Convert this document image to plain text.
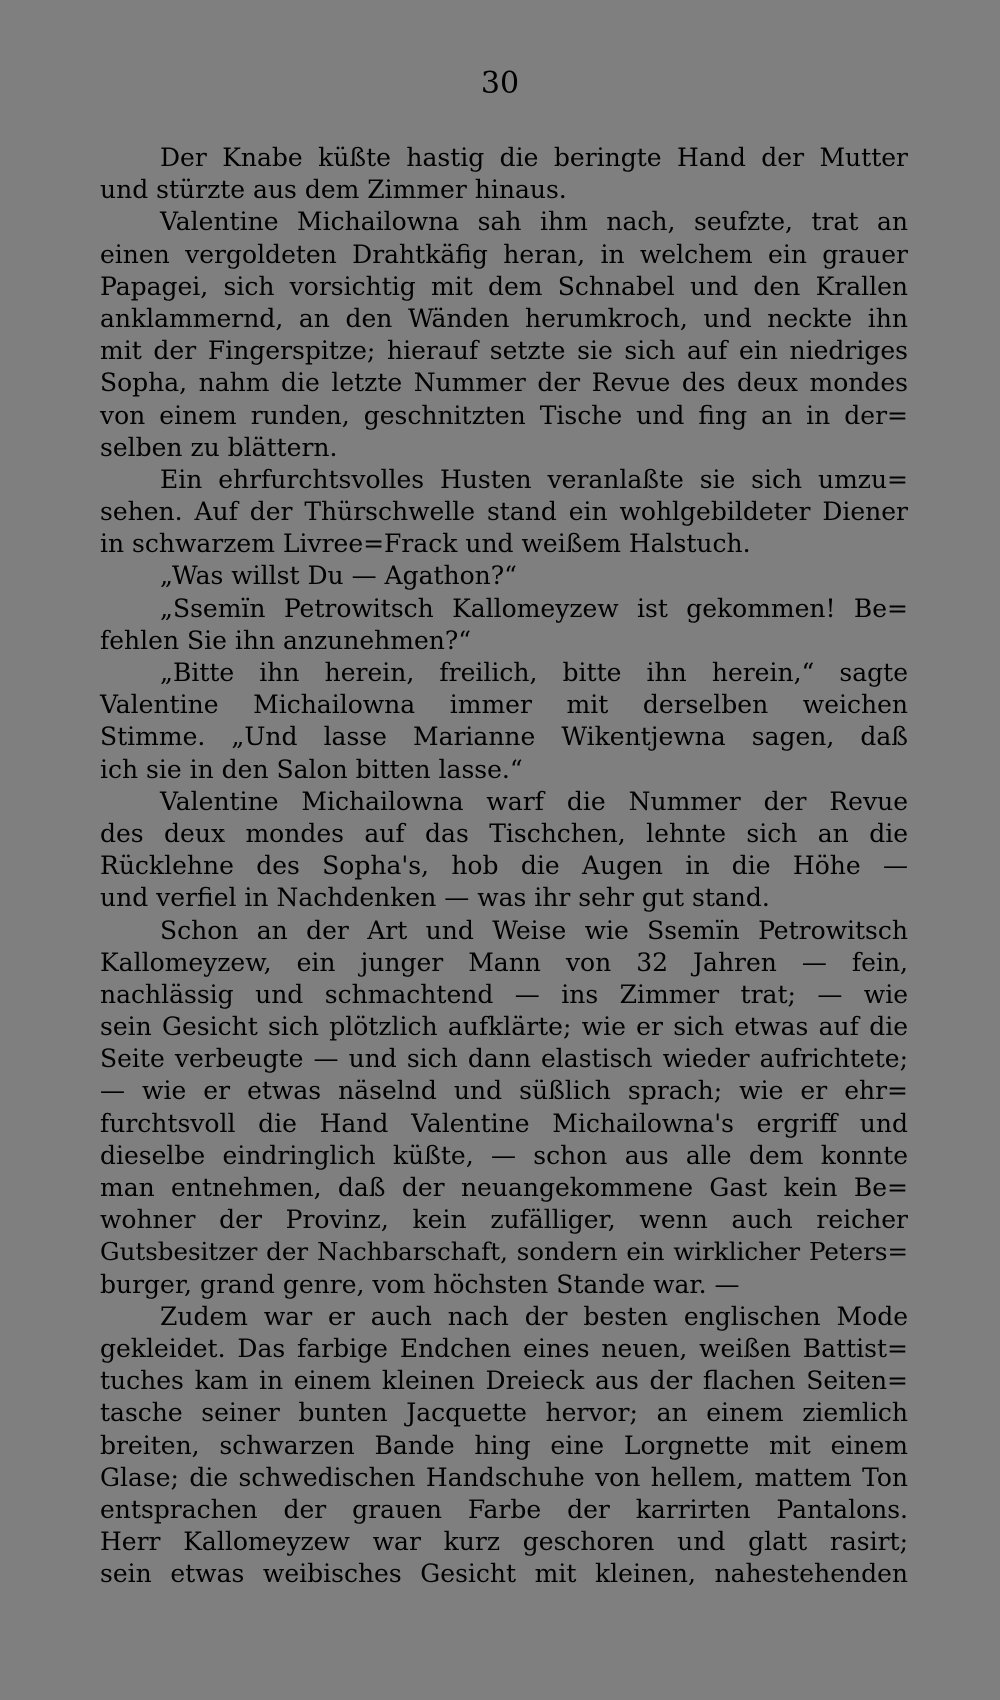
30
Der Knabe küßte hastig die beringte Hand der Mutter
und stürzte aus dem Zimmer hinaus.
Valentine Michailowna sah ihm nach, seufzte, trat an
einen vergoldeten Drahtkäfig heran, in welchem ein grauer
Papagei, sich vorsichtig mit dem Schnabel und den Krallen
anklammernd, an den Wänden herumkroch, und neckte ihn
mit der Fingerspitze; hierauf setzte sie sich auf ein niedriges
Sopha, nahm die letzte Nummer der Revue des deux mondes
von einem runden, geschnitzten Tische und fing an in der=
selben zu blättern.
Ein ehrfurchtsvolles Husten veranlaßte sie sich umzu=
sehen. Auf der Thürschwelle stand ein wohlgebildeter Diener
in schwarzem Livree=Frack und weißem Halstuch.
„Was willst Du — Agathon?“
„Ssemïn Petrowitsch Kallomeyzew ist gekommen! Be=
fehlen Sie ihn anzunehmen?“
„Bitte ihn herein, freilich, bitte ihn herein,“ sagte
Valentine Michailowna immer mit derselben weichen
Stimme. „Und lasse Marianne Wikentjewna sagen, daß
ich sie in den Salon bitten lasse.“
Valentine Michailowna warf die Nummer der Revue
des deux mondes auf das Tischchen, lehnte sich an die
Rücklehne des Sopha's, hob die Augen in die Höhe —
und verfiel in Nachdenken — was ihr sehr gut stand.
Schon an der Art und Weise wie Ssemïn Petrowitsch
Kallomeyzew, ein junger Mann von 32 Jahren — fein,
nachlässig und schmachtend — ins Zimmer trat; — wie
sein Gesicht sich plötzlich aufklärte; wie er sich etwas auf die
Seite verbeugte — und sich dann elastisch wieder aufrichtete;
— wie er etwas näselnd und süßlich sprach; wie er ehr=
furchtsvoll die Hand Valentine Michailowna's ergriff und
dieselbe eindringlich küßte, — schon aus alle dem konnte
man entnehmen, daß der neuangekommene Gast kein Be=
wohner der Provinz, kein zufälliger, wenn auch reicher
Gutsbesitzer der Nachbarschaft, sondern ein wirklicher Peters=
burger, grand genre, vom höchsten Stande war. —
Zudem war er auch nach der besten englischen Mode
gekleidet. Das farbige Endchen eines neuen, weißen Battist=
tuches kam in einem kleinen Dreieck aus der flachen Seiten=
tasche seiner bunten Jacquette hervor; an einem ziemlich
breiten, schwarzen Bande hing eine Lorgnette mit einem
Glase; die schwedischen Handschuhe von hellem, mattem Ton
entsprachen der grauen Farbe der karrirten Pantalons.
Herr Kallomeyzew war kurz geschoren und glatt rasirt;
sein etwas weibisches Gesicht mit kleinen, nahestehenden
